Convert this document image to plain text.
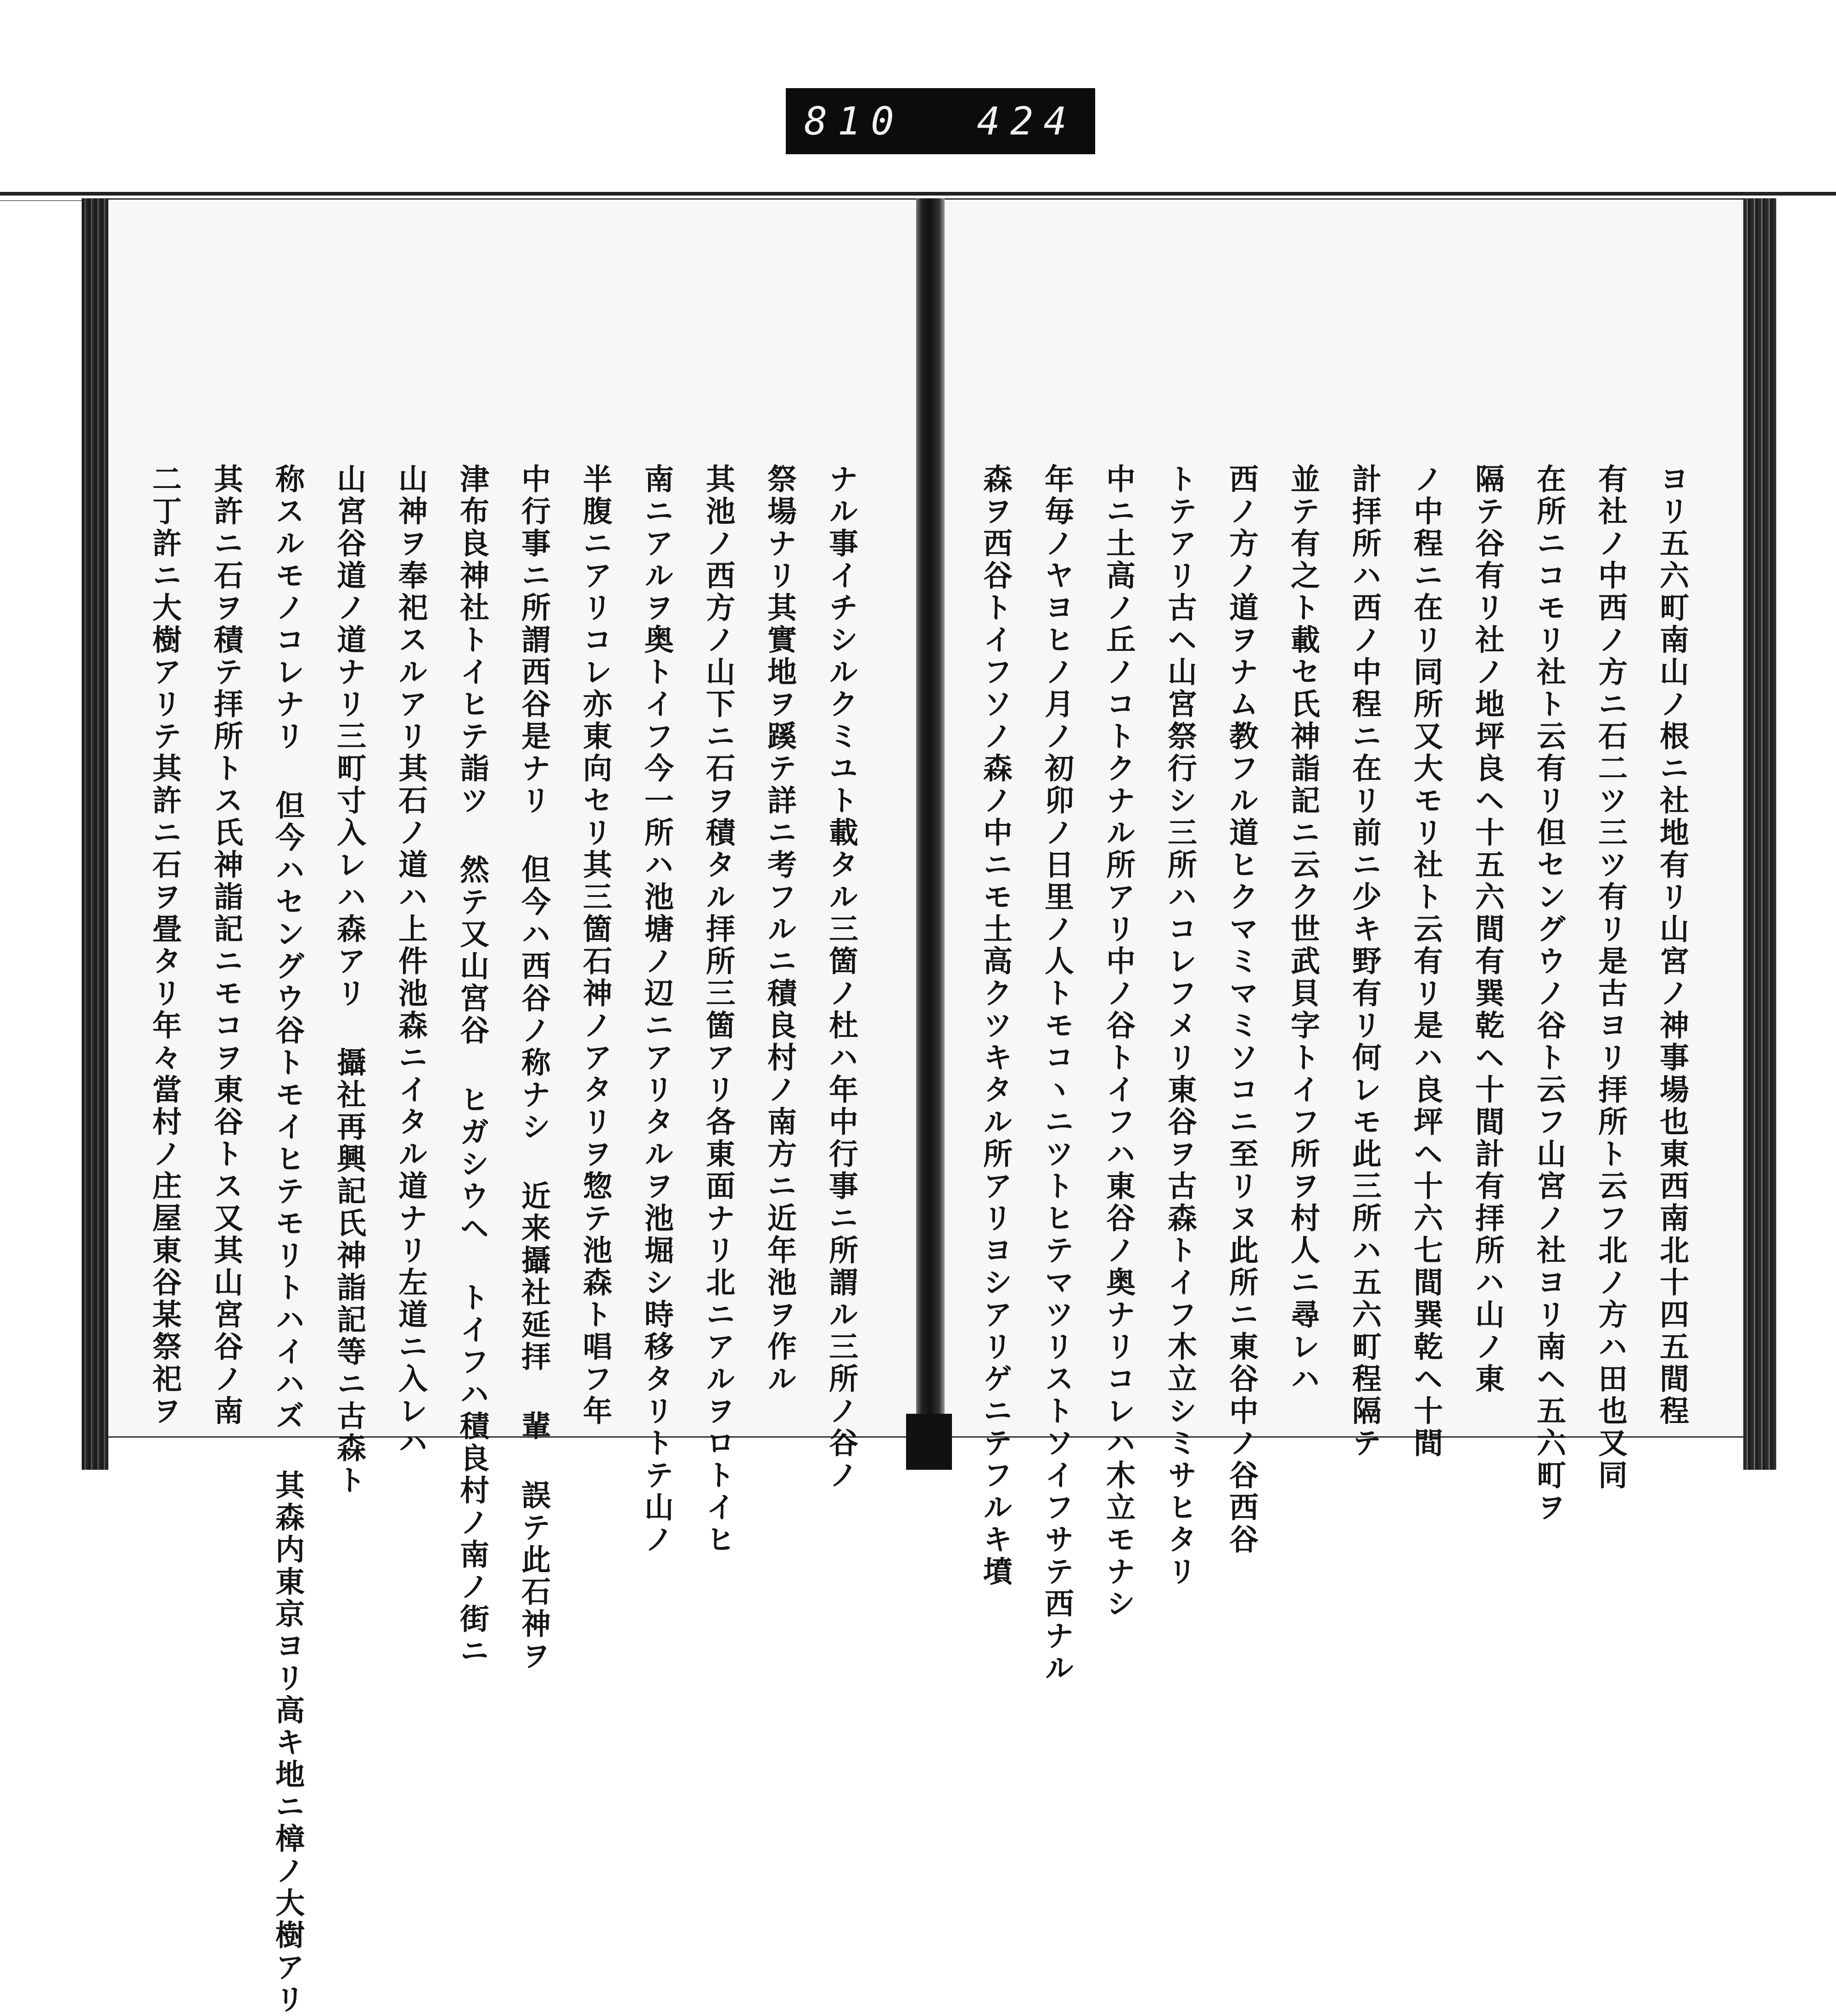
810 424
ナル事イチシルクミユト載タル三箇ノ杜ハ年中行事ニ所謂ル三所ノ谷ノ
祭場ナリ其實地ヲ蹊テ詳ニ考フルニ積良村ノ南方ニ近年池ヲ作ル
其池ノ西方ノ山下ニ石ヲ積タル拝所三箇アリ各東面ナリ北ニアルヲロトイヒ
南ニアルヲ奥トイフ今一所ハ池塘ノ辺ニアリタルヲ池堀シ時移タリトテ山ノ
半腹ニアリコレ亦東向セリ其三箇石神ノアタリヲ惣テ池森ト唱フ年
中行事ニ所謂西谷是ナリ 但今ハ西谷ノ称ナシ 近来攝社延拝 輩 誤テ此石神ヲ
津布良神社トイヒテ詣ツ 然テ又山宮谷 ヒガシウヘ トイフハ積良村ノ南ノ街ニ
山神ヲ奉祀スルアリ其石ノ道ハ上件池森ニイタル道ナリ左道ニ入レハ
山宮谷道ノ道ナリ三町寸入レハ森アリ 攝社再興記氏神詣記等ニ古森ト
称スルモノコレナリ 但今ハセングウ谷トモイヒテモリトハイハズ 其森内東京ヨリ高キ地ニ樟ノ大樹アリ
其許ニ石ヲ積テ拝所トス氏神詣記ニモコヲ東谷トス又其山宮谷ノ南
二丁許ニ大樹アリテ其許ニ石ヲ畳タリ年々當村ノ庄屋東谷某祭祀ヲ	ヨリ五六町南山ノ根ニ社地有リ山宮ノ神事場也東西南北十四五間程
有社ノ中西ノ方ニ石二ツ三ツ有リ是古ヨリ拝所ト云フ北ノ方ハ田也又同
在所ニコモリ社ト云有リ但セングウノ谷ト云フ山宮ノ社ヨリ南ヘ五六町ヲ
隔テ谷有リ社ノ地坪良ヘ十五六間有巽乾ヘ十間計有拝所ハ山ノ東
ノ中程ニ在リ同所又大モリ社ト云有リ是ハ良坪ヘ十六七間巽乾ヘ十間
計拝所ハ西ノ中程ニ在リ前ニ少キ野有リ何レモ此三所ハ五六町程隔テ
並テ有之ト載セ氏神詣記ニ云ク世武貝字トイフ所ヲ村人ニ尋レハ
西ノ方ノ道ヲナム教フル道ヒクマミマミソコニ至リヌ此所ニ東谷中ノ谷西谷
トテアリ古ヘ山宮祭行シ三所ハコレフメリ東谷ヲ古森トイフ木立シミサヒタリ
中ニ土高ノ丘ノコトクナル所アリ中ノ谷トイフハ東谷ノ奥ナリコレハ木立モナシ
年毎ノヤヨヒノ月ノ初卯ノ日里ノ人トモコヽニツトヒテマツリストソイフサテ西ナル
森ヲ西谷トイフソノ森ノ中ニモ土高クツキタル所アリヨシアリゲニテフルキ墳
